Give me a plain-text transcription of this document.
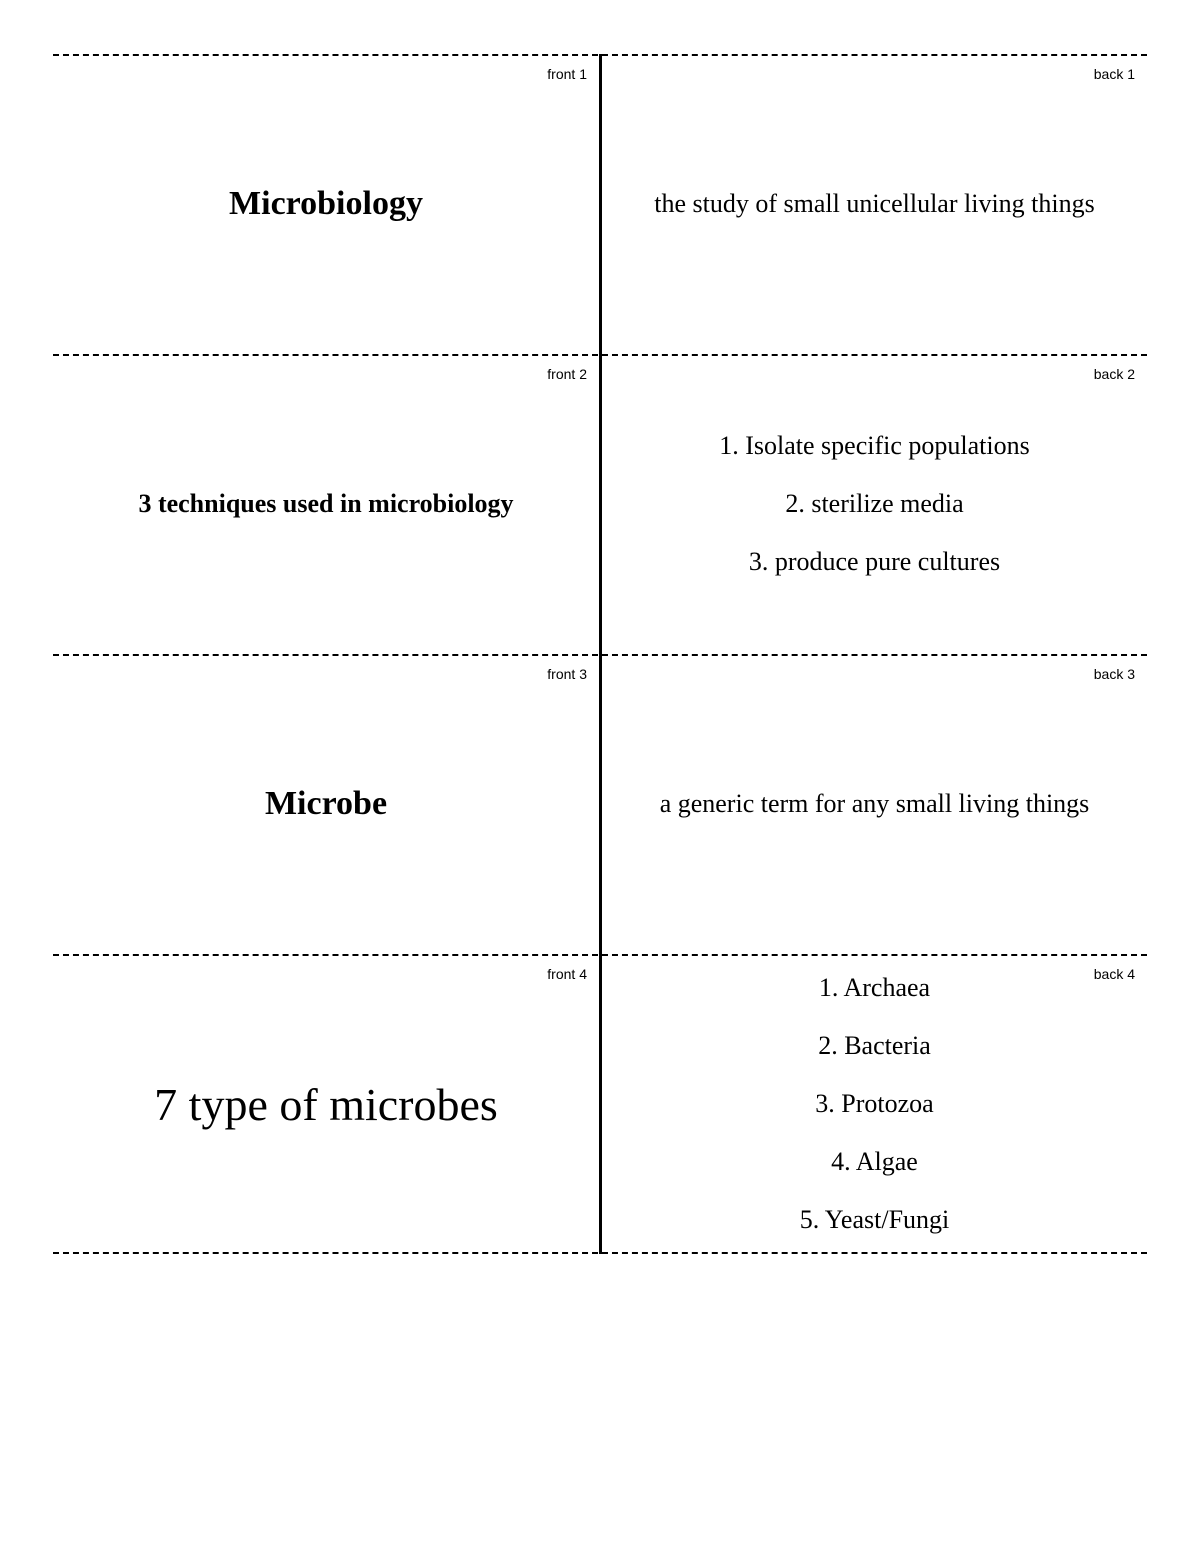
front 1
Microbiology
back 1
the study of small unicellular living things
front 2
3 techniques used in microbiology
back 2
1. Isolate specific populations
2. sterilize media
3. produce pure cultures
front 3
Microbe
back 3
a generic term for any small living things
front 4
7 type of microbes
back 4
1. Archaea
2. Bacteria
3. Protozoa
4. Algae
5. Yeast/Fungi
